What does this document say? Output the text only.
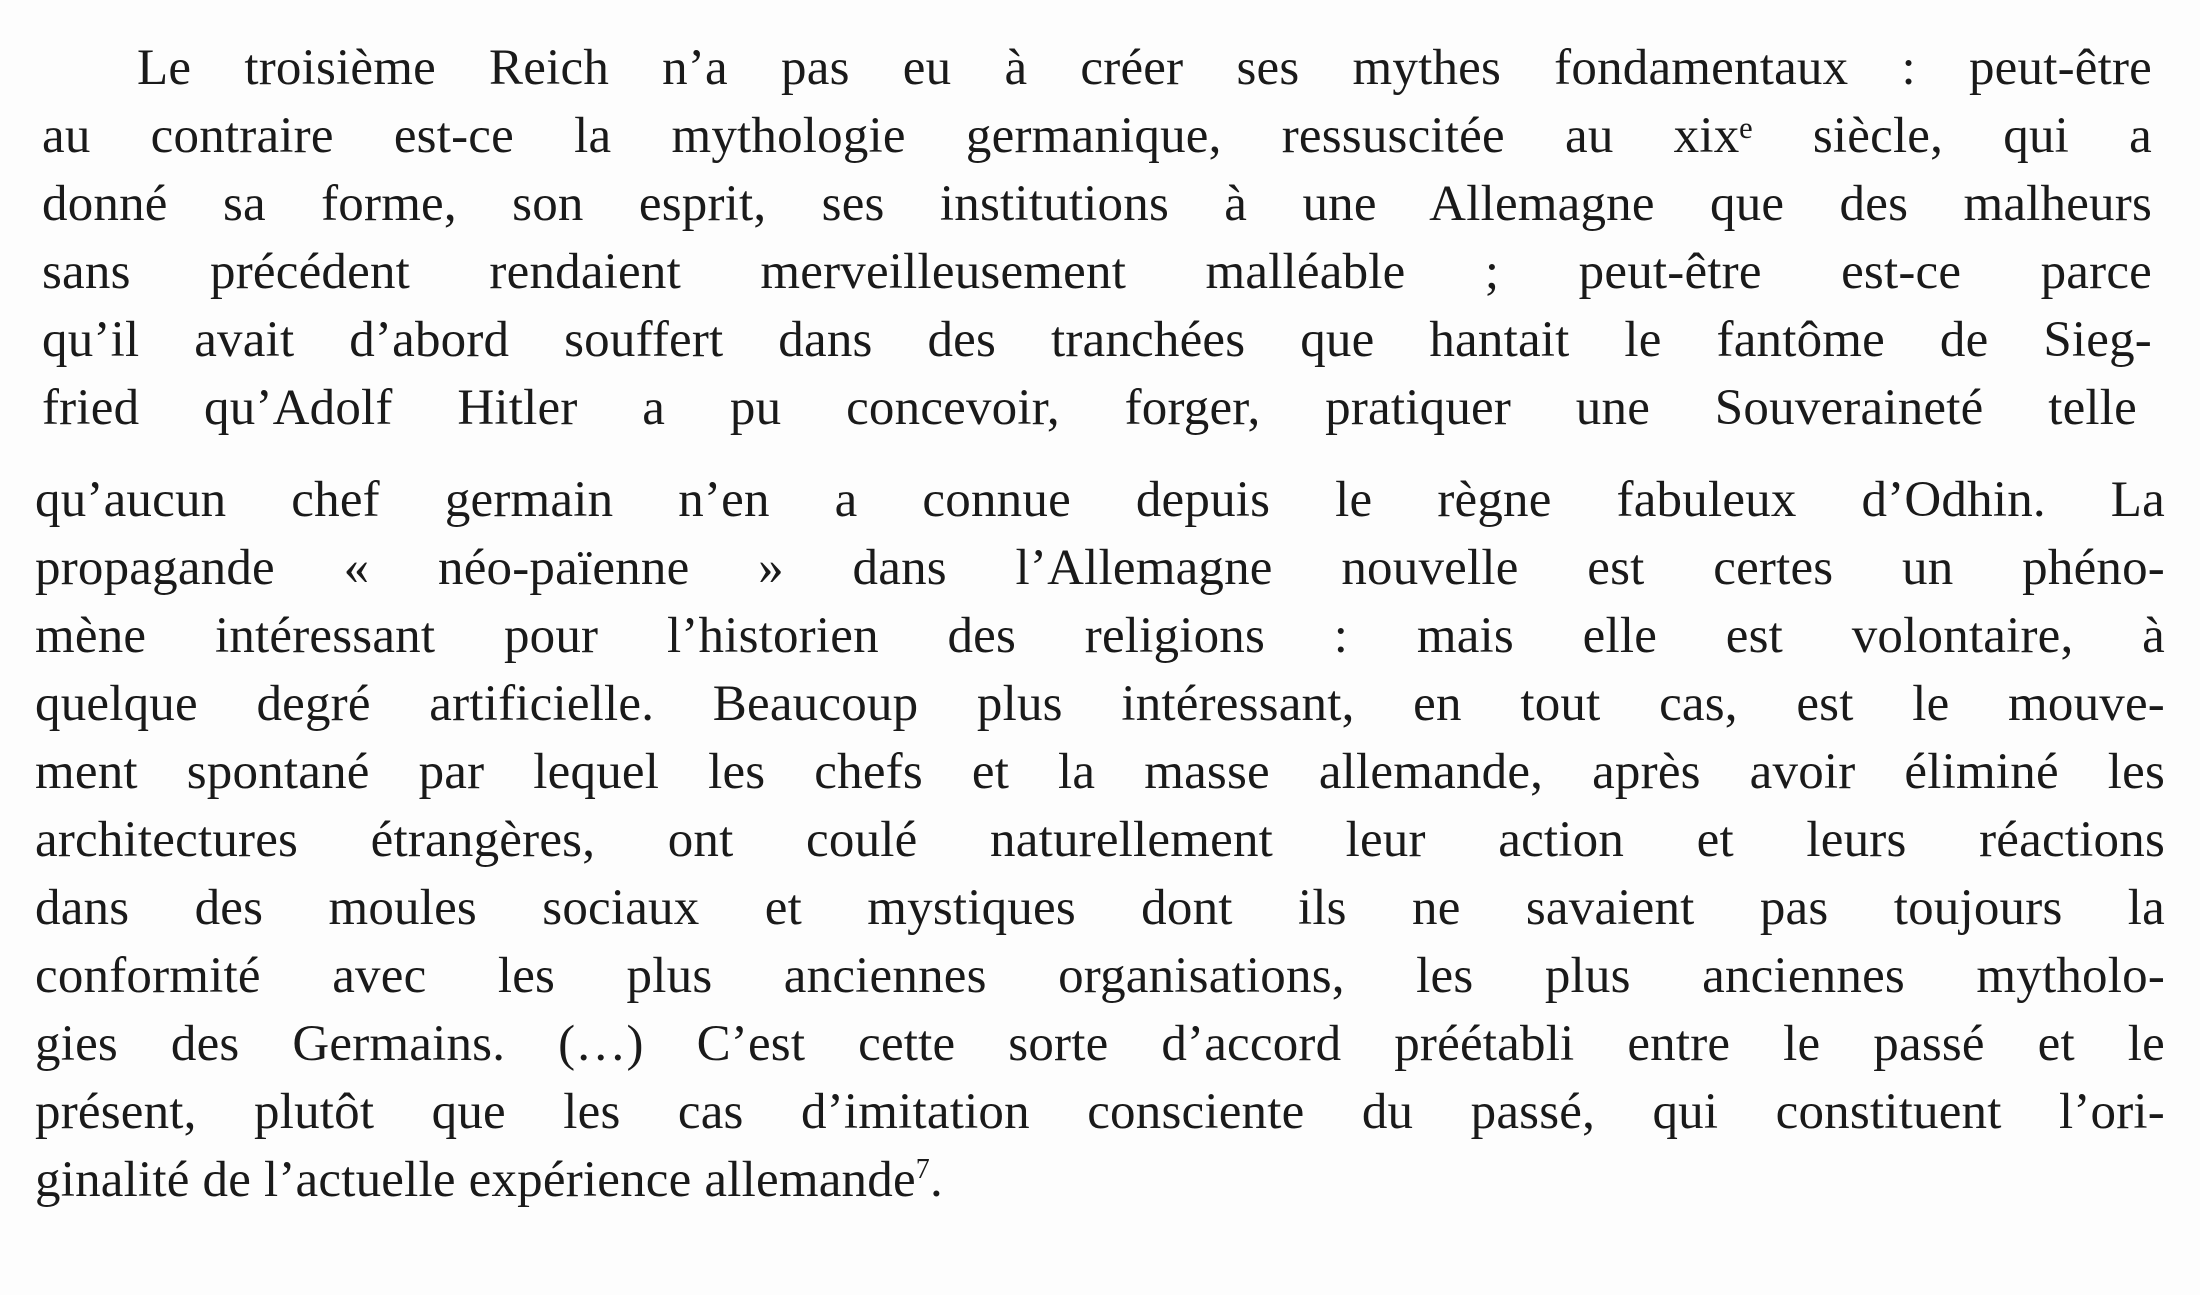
Le troisième Reich n’a pas eu à créer ses mythes fondamentaux : peut-être
au contraire est-ce la mythologie germanique, ressuscitée au xixᵉ siècle, qui a
donné sa forme, son esprit, ses institutions à une Allemagne que des malheurs
sans précédent rendaient merveilleusement malléable ; peut-être est-ce parce
qu’il avait d’abord souffert dans des tranchées que hantait le fantôme de Sieg-
fried qu’Adolf Hitler a pu concevoir, forger, pratiquer une Souveraineté telle
qu’aucun chef germain n’en a connue depuis le règne fabuleux d’Odhin. La
propagande « néo-païenne » dans l’Allemagne nouvelle est certes un phéno-
mène intéressant pour l’historien des religions : mais elle est volontaire, à
quelque degré artificielle. Beaucoup plus intéressant, en tout cas, est le mouve-
ment spontané par lequel les chefs et la masse allemande, après avoir éliminé les
architectures étrangères, ont coulé naturellement leur action et leurs réactions
dans des moules sociaux et mystiques dont ils ne savaient pas toujours la
conformité avec les plus anciennes organisations, les plus anciennes mytholo-
gies des Germains. (…) C’est cette sorte d’accord préétabli entre le passé et le
présent, plutôt que les cas d’imitation consciente du passé, qui constituent l’ori-
ginalité de l’actuelle expérience allemande$^7$.
